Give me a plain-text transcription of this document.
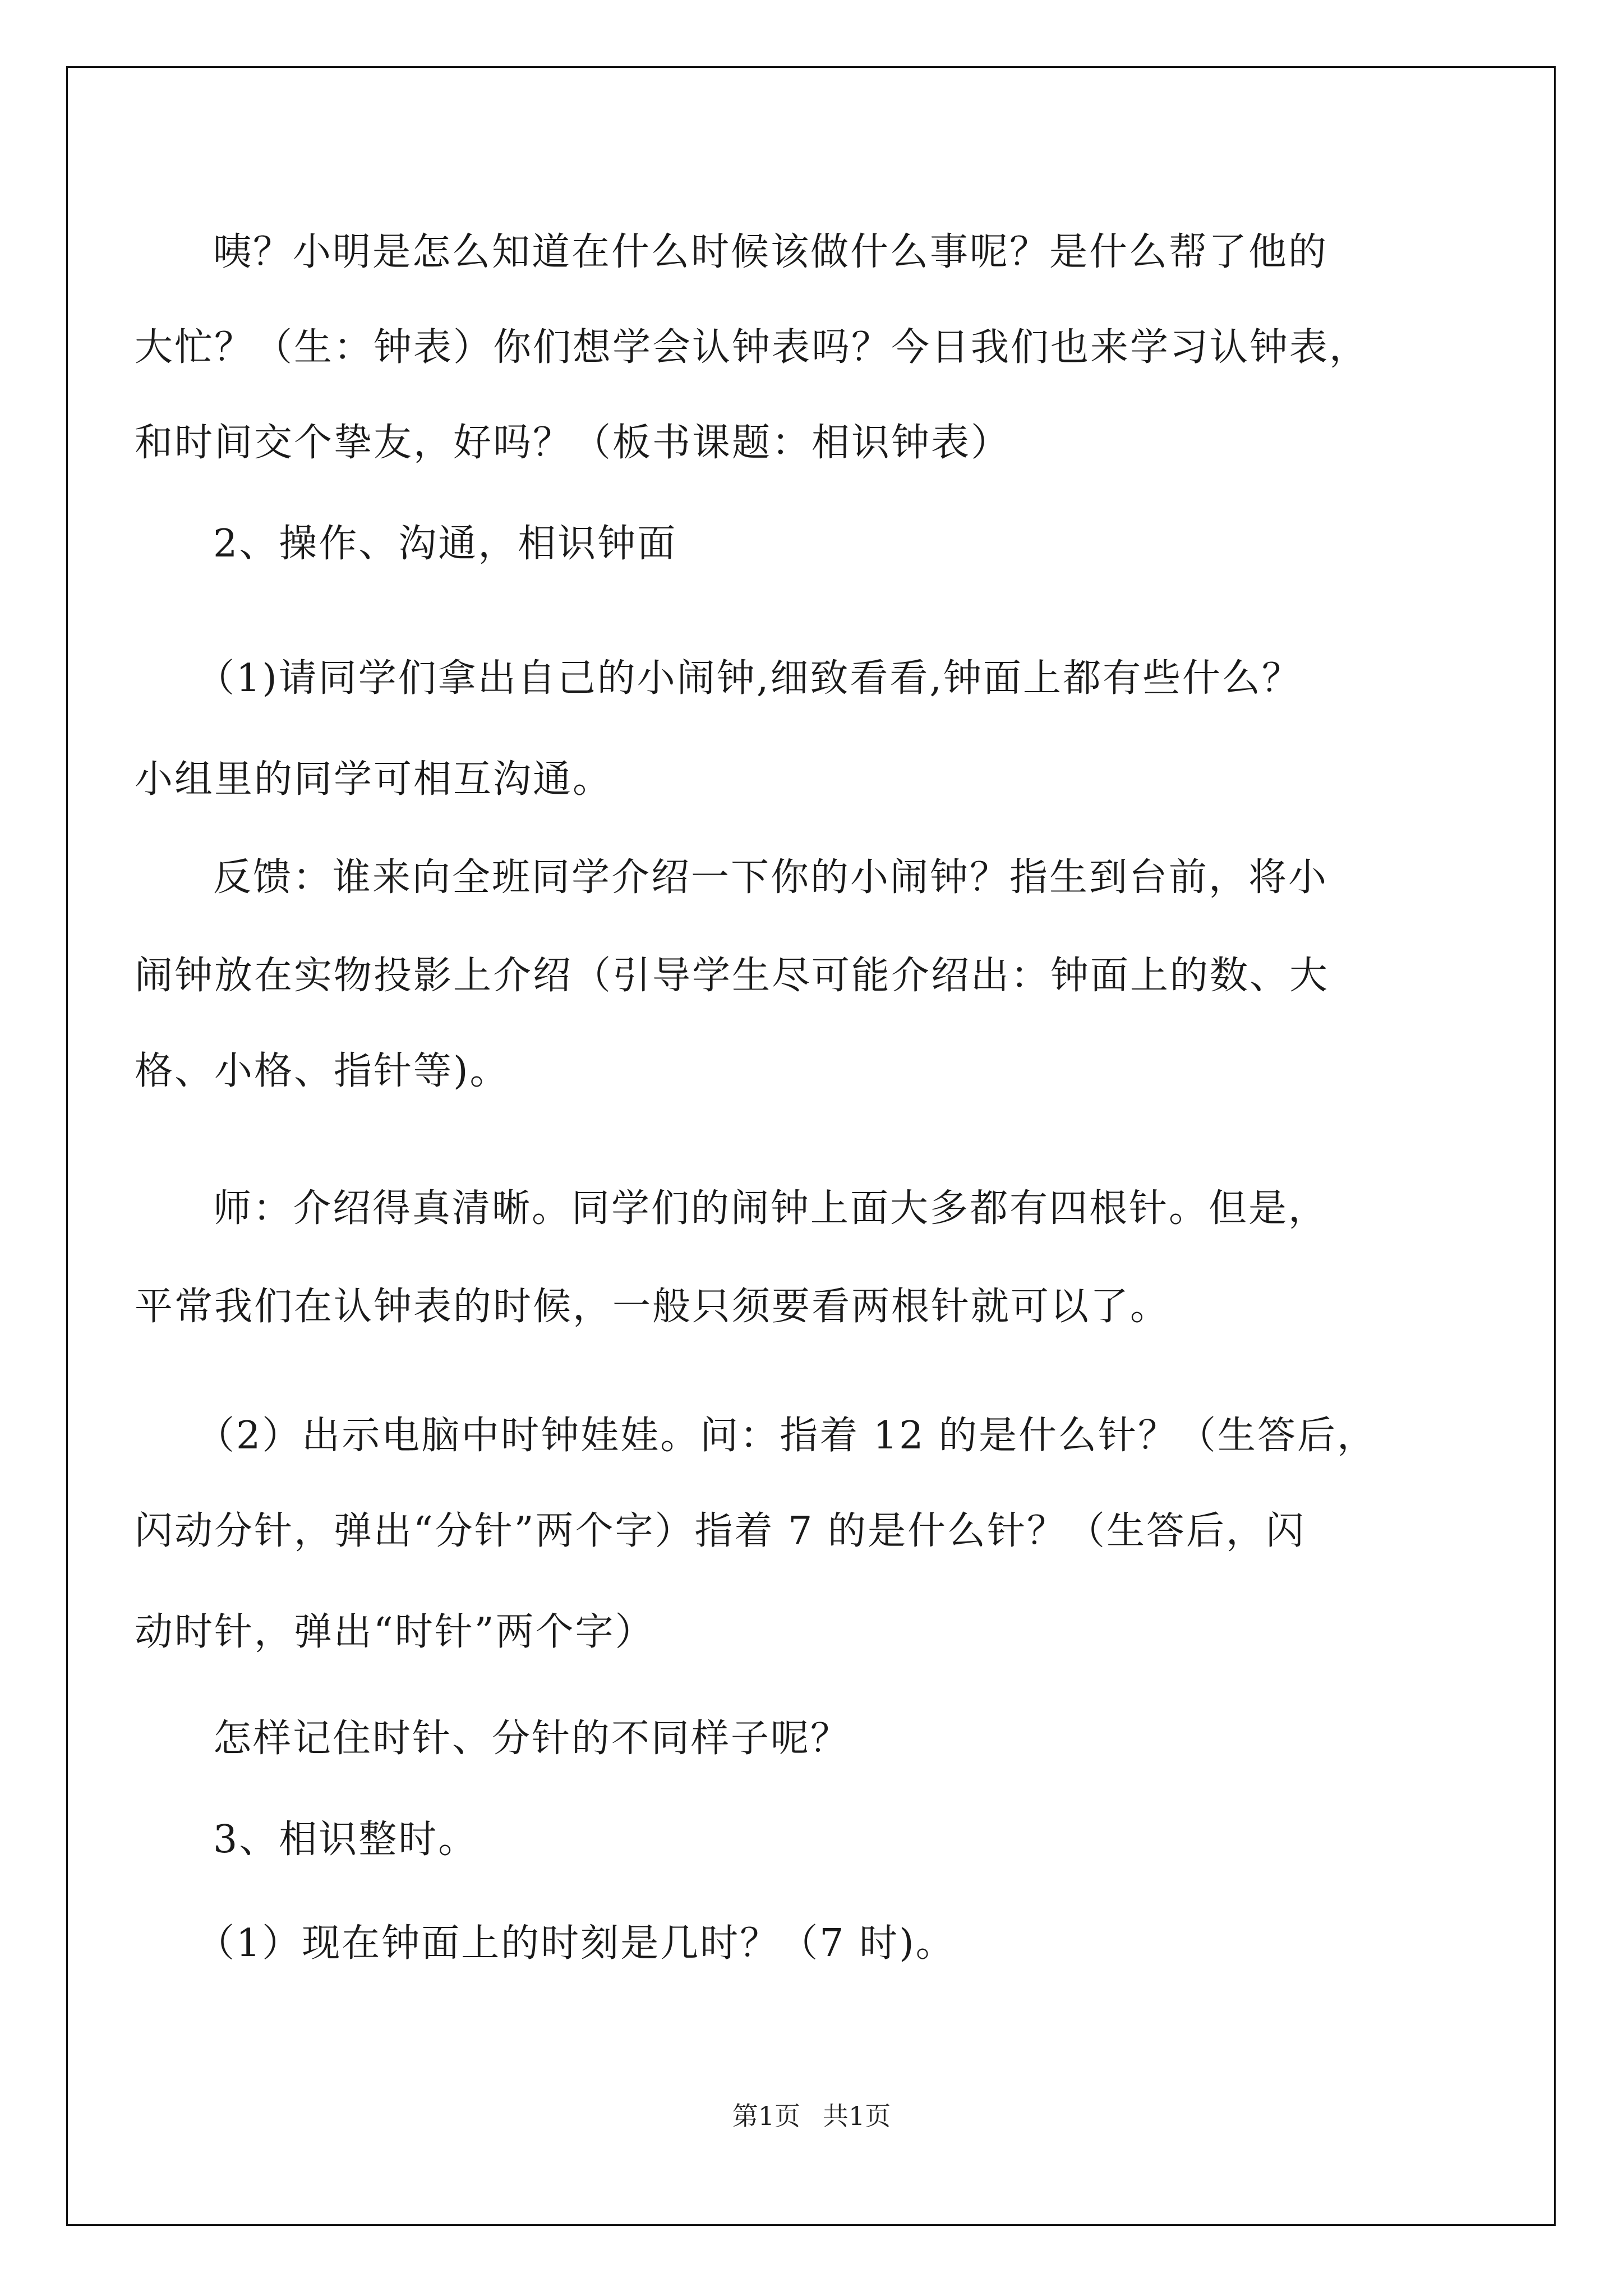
咦？小明是怎么知道在什么时候该做什么事呢？是什么帮了他的
大忙？（生：钟表）你们想学会认钟表吗？今日我们也来学习认钟表，
和时间交个挚友，好吗？（板书课题：相识钟表）
2、操作、沟通，相识钟面
（1)请同学们拿出自己的小闹钟,细致看看,钟面上都有些什么？
小组里的同学可相互沟通。
反馈：谁来向全班同学介绍一下你的小闹钟？指生到台前，将小
闹钟放在实物投影上介绍（引导学生尽可能介绍出：钟面上的数、大
格、小格、指针等)。
师：介绍得真清晰。同学们的闹钟上面大多都有四根针。但是，
平常我们在认钟表的时候，一般只须要看两根针就可以了。
（2）出示电脑中时钟娃娃。问：指着 12 的是什么针？（生答后，
闪动分针，弹出“分针”两个字）指着 7 的是什么针？（生答后，闪
动时针，弹出“时针”两个字）
怎样记住时针、分针的不同样子呢？
3、相识整时。
（1）现在钟面上的时刻是几时？（7 时)。
第1页 共1页
